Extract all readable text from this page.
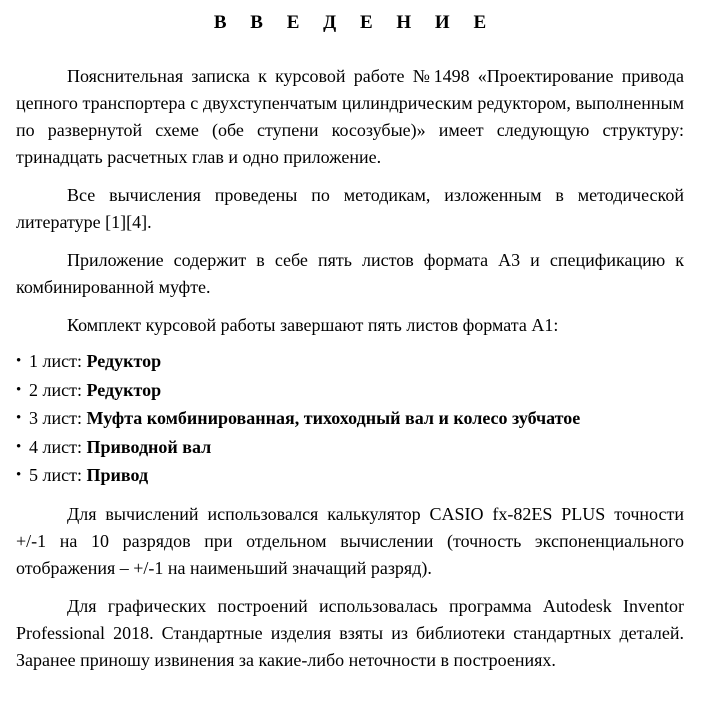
В В Е Д Е Н И Е

Пояснительная записка к курсовой работе №1498 «Проектирование привода цепного транспортера с двухступенчатым цилиндрическим редуктором, выполненным по развернутой схеме (обе ступени косозубые)» имеет следующую структуру: тринадцать расчетных глав и одно приложение.

Все вычисления проведены по методикам, изложенным в методической литературе [1][4].

Приложение содержит в себе пять листов формата А3 и спецификацию к комбинированной муфте.

Комплект курсовой работы завершают пять листов формата А1:

• 1 лист: Редуктор
• 2 лист: Редуктор
• 3 лист: Муфта комбинированная, тихоходный вал и колесо зубчатое
• 4 лист: Приводной вал
• 5 лист: Привод

Для вычислений использовался калькулятор CASIO fx-82ES PLUS точности +/-1 на 10 разрядов при отдельном вычислении (точность экспоненциального отображения – +/-1 на наименьший значащий разряд).

Для графических построений использовалась программа Autodesk Inventor Professional 2018. Стандартные изделия взяты из библиотеки стандартных деталей. Заранее приношу извинения за какие-либо неточности в построениях.
